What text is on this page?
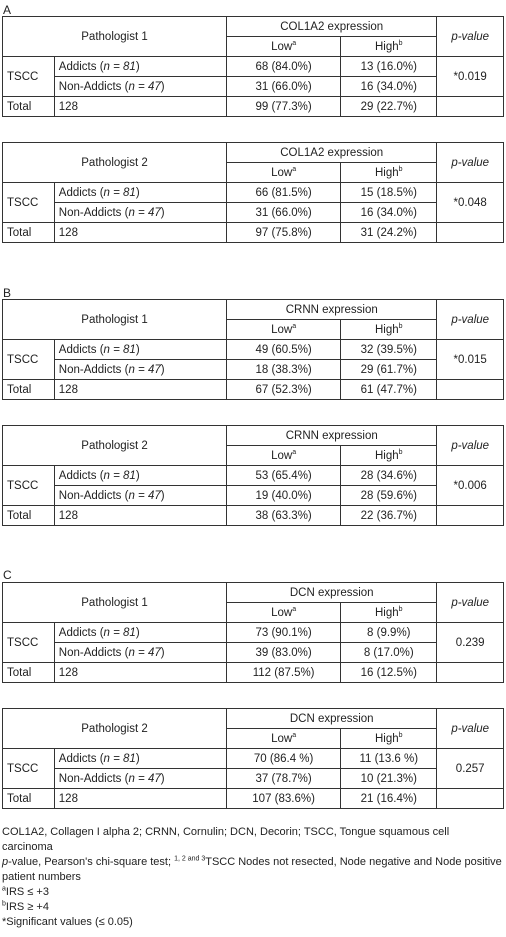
A
Pathologist 1		COL1A2 expression		p-value
		Low$^a$	High$^b$
TSCC	Addicts (n = 81)	68 (84.0%)	13 (16.0%)	*0.019
	Non-Addicts (n = 47)	31 (66.0%)	16 (34.0%)	
Total	128	99 (77.3%)	29 (22.7%)	
Pathologist 2		COL1A2 expression		p-value
		Low$^a$	High$^b$
TSCC	Addicts (n = 81)	66 (81.5%)	15 (18.5%)	*0.048
	Non-Addicts (n = 47)	31 (66.0%)	16 (34.0%)	
Total	128	97 (75.8%)	31 (24.2%)	
B
Pathologist 1		CRNN expression		p-value
		Low$^a$	High$^b$
TSCC	Addicts (n = 81)	49 (60.5%)	32 (39.5%)	*0.015
	Non-Addicts (n = 47)	18 (38.3%)	29 (61.7%)	
Total	128	67 (52.3%)	61 (47.7%)	
Pathologist 2		CRNN expression		p-value
		Low$^a$	High$^b$
TSCC	Addicts (n = 81)	53 (65.4%)	28 (34.6%)	*0.006
	Non-Addicts (n = 47)	19 (40.0%)	28 (59.6%)	
Total	128	38 (63.3%)	22 (36.7%)	
C
Pathologist 1		DCN expression		p-value
		Low$^a$	High$^b$
TSCC	Addicts (n = 81)	73 (90.1%)	8 (9.9%)	0.239
	Non-Addicts (n = 47)	39 (83.0%)	8 (17.0%)	
Total	128	112 (87.5%)	16 (12.5%)	
Pathologist 2		DCN expression		p-value
		Low$^a$	High$^b$
TSCC	Addicts (n = 81)	70 (86.4 %)	11 (13.6 %)	0.257
	Non-Addicts (n = 47)	37 (78.7%)	10 (21.3%)	
Total	128	107 (83.6%)	21 (16.4%)	

COL1A2, Collagen I alpha 2; CRNN, Cornulin; DCN, Decorin; TSCC, Tongue squamous cell carcinoma

p-value, Pearson's chi-square test; $^{1, 2 and 3}$TSCC Nodes not resected, Node negative and Node positive patient numbers

$^a$IRS ≤ +3

$^b$IRS ≥ +4

*Significant values (≤ 0.05)
